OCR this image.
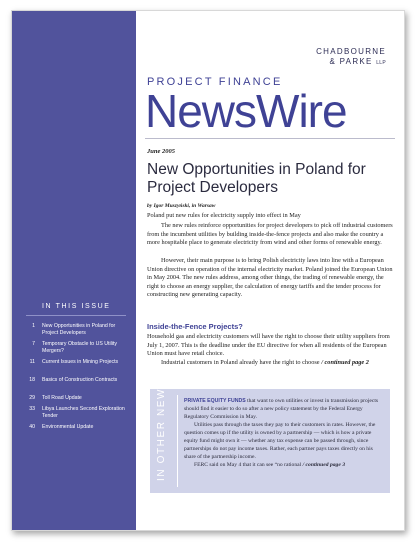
CHADBOURNE
& PARKE LLP
PROJECT FINANCE
NewsWire
June 2005
New Opportunities in Poland for Project Developers
by Igor Muszyński, in Warsaw

Poland put new rules for electricity supply into effect in May

The new rules reinforce opportunities for project developers to pick off industrial customers from the incumbent utilities by building inside-the-fence projects and also make the country a more hospitable place to generate electricity from wind and other forms of renewable energy.

However, their main purpose is to bring Polish electricity laws into line with a European Union directive on operation of the internal electricity market. Poland joined the European Union in May 2004. The new rules address, among other things, the trading of renewable energy, the right to choose an energy supplier, the calculation of energy tariffs and the tender process for constructing new generating capacity.

Inside-the-Fence Projects?

Household gas and electricity customers will have the right to choose their utility suppliers from July 1, 2007. This is the deadline under the EU directive for when all residents of the European Union must have retail choice.

Industrial customers in Poland already have the right to choose / continued page 2

IN THIS ISSUE
1	New Opportunities in Poland for Project Developers
7	Temporary Obstacle to US Utility Mergers?
11	Current Issues in Mining Projects
18	Basics of Construction Contracts
29	Toll Road Update
33	Libya Launches Second Exploration Tender
40	Environmental Update	IN OTHER NEWS	PRIVATE EQUITY FUNDS that want to own utilities or invest in transmission projects should find it easier to do so after a new policy statement by the Federal Energy Regulatory Commission in May.

Utilities pass through the taxes they pay to their customers in rates. However, the question comes up if the utility is owned by a partnership — which is how a private equity fund might own it — whether any tax expense can be passed through, since partnerships do not pay income taxes. Rather, each partner pays taxes directly on his share of the partnership income.

FERC said on May 4 that it can see “no rational / continued page 3
